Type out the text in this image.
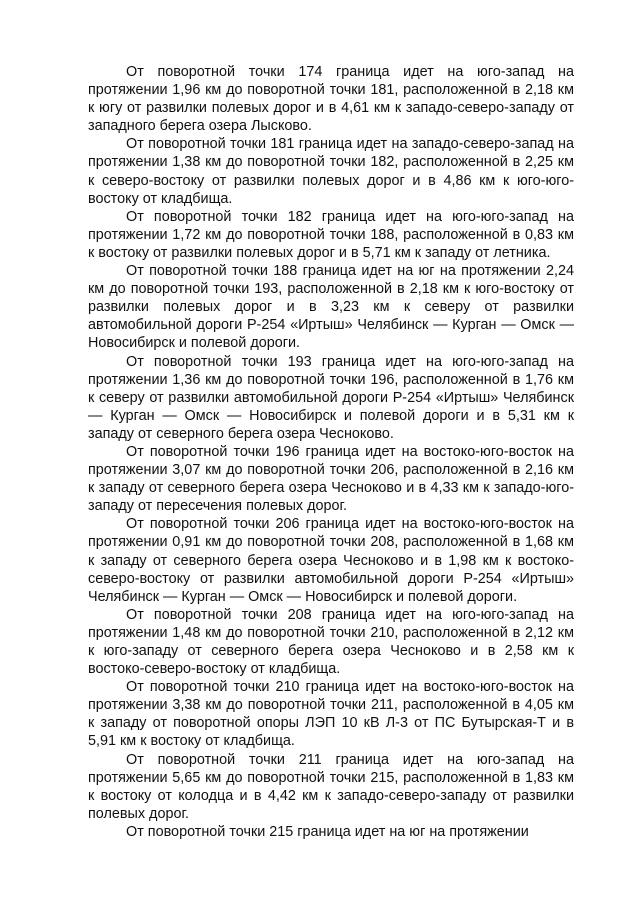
От поворотной точки 174 граница идет на юго-запад на протяжении 1,96 км до поворотной точки 181, расположенной в 2,18 км к югу от развилки полевых дорог и в 4,61 км к западо-северо-западу от западного берега озера Лысково.

От поворотной точки 181 граница идет на западо-северо-запад на протяжении 1,38 км до поворотной точки 182, расположенной в 2,25 км к северо-востоку от развилки полевых дорог и в 4,86 км к юго-юго-востоку от кладбища.

От поворотной точки 182 граница идет на юго-юго-запад на протяжении 1,72 км до поворотной точки 188, расположенной в 0,83 км к востоку от развилки полевых дорог и в 5,71 км к западу от летника.

От поворотной точки 188 граница идет на юг на протяжении 2,24 км до поворотной точки 193, расположенной в 2,18 км к юго-востоку от развилки полевых дорог и в 3,23 км к северу от развилки автомобильной дороги Р-254 «Иртыш» Челябинск — Курган — Омск — Новосибирск и полевой дороги.

От поворотной точки 193 граница идет на юго-юго-запад на протяжении 1,36 км до поворотной точки 196, расположенной в 1,76 км к северу от развилки автомобильной дороги Р-254 «Иртыш» Челябинск — Курган — Омск — Новосибирск и полевой дороги и в 5,31 км к западу от северного берега озера Чесноково.

От поворотной точки 196 граница идет на востоко-юго-восток на протяжении 3,07 км до поворотной точки 206, расположенной в 2,16 км к западу от северного берега озера Чесноково и в 4,33 км к западо-юго-западу от пересечения полевых дорог.

От поворотной точки 206 граница идет на востоко-юго-восток на протяжении 0,91 км до поворотной точки 208, расположенной в 1,68 км к западу от северного берега озера Чесноково и в 1,98 км к востоко-северо-востоку от развилки автомобильной дороги Р-254 «Иртыш» Челябинск — Курган — Омск — Новосибирск и полевой дороги.

От поворотной точки 208 граница идет на юго-юго-запад на протяжении 1,48 км до поворотной точки 210, расположенной в 2,12 км к юго-западу от северного берега озера Чесноково и в 2,58 км к востоко-северо-востоку от кладбища.

От поворотной точки 210 граница идет на востоко-юго-восток на протяжении 3,38 км до поворотной точки 211, расположенной в 4,05 км к западу от поворотной опоры ЛЭП 10 кВ Л-3 от ПС Бутырская-Т и в 5,91 км к востоку от кладбища.

От поворотной точки 211 граница идет на юго-запад на протяжении 5,65 км до поворотной точки 215, расположенной в 1,83 км к востоку от колодца и в 4,42 км к западо-северо-западу от развилки полевых дорог.

От поворотной точки 215 граница идет на юг на протяжении
